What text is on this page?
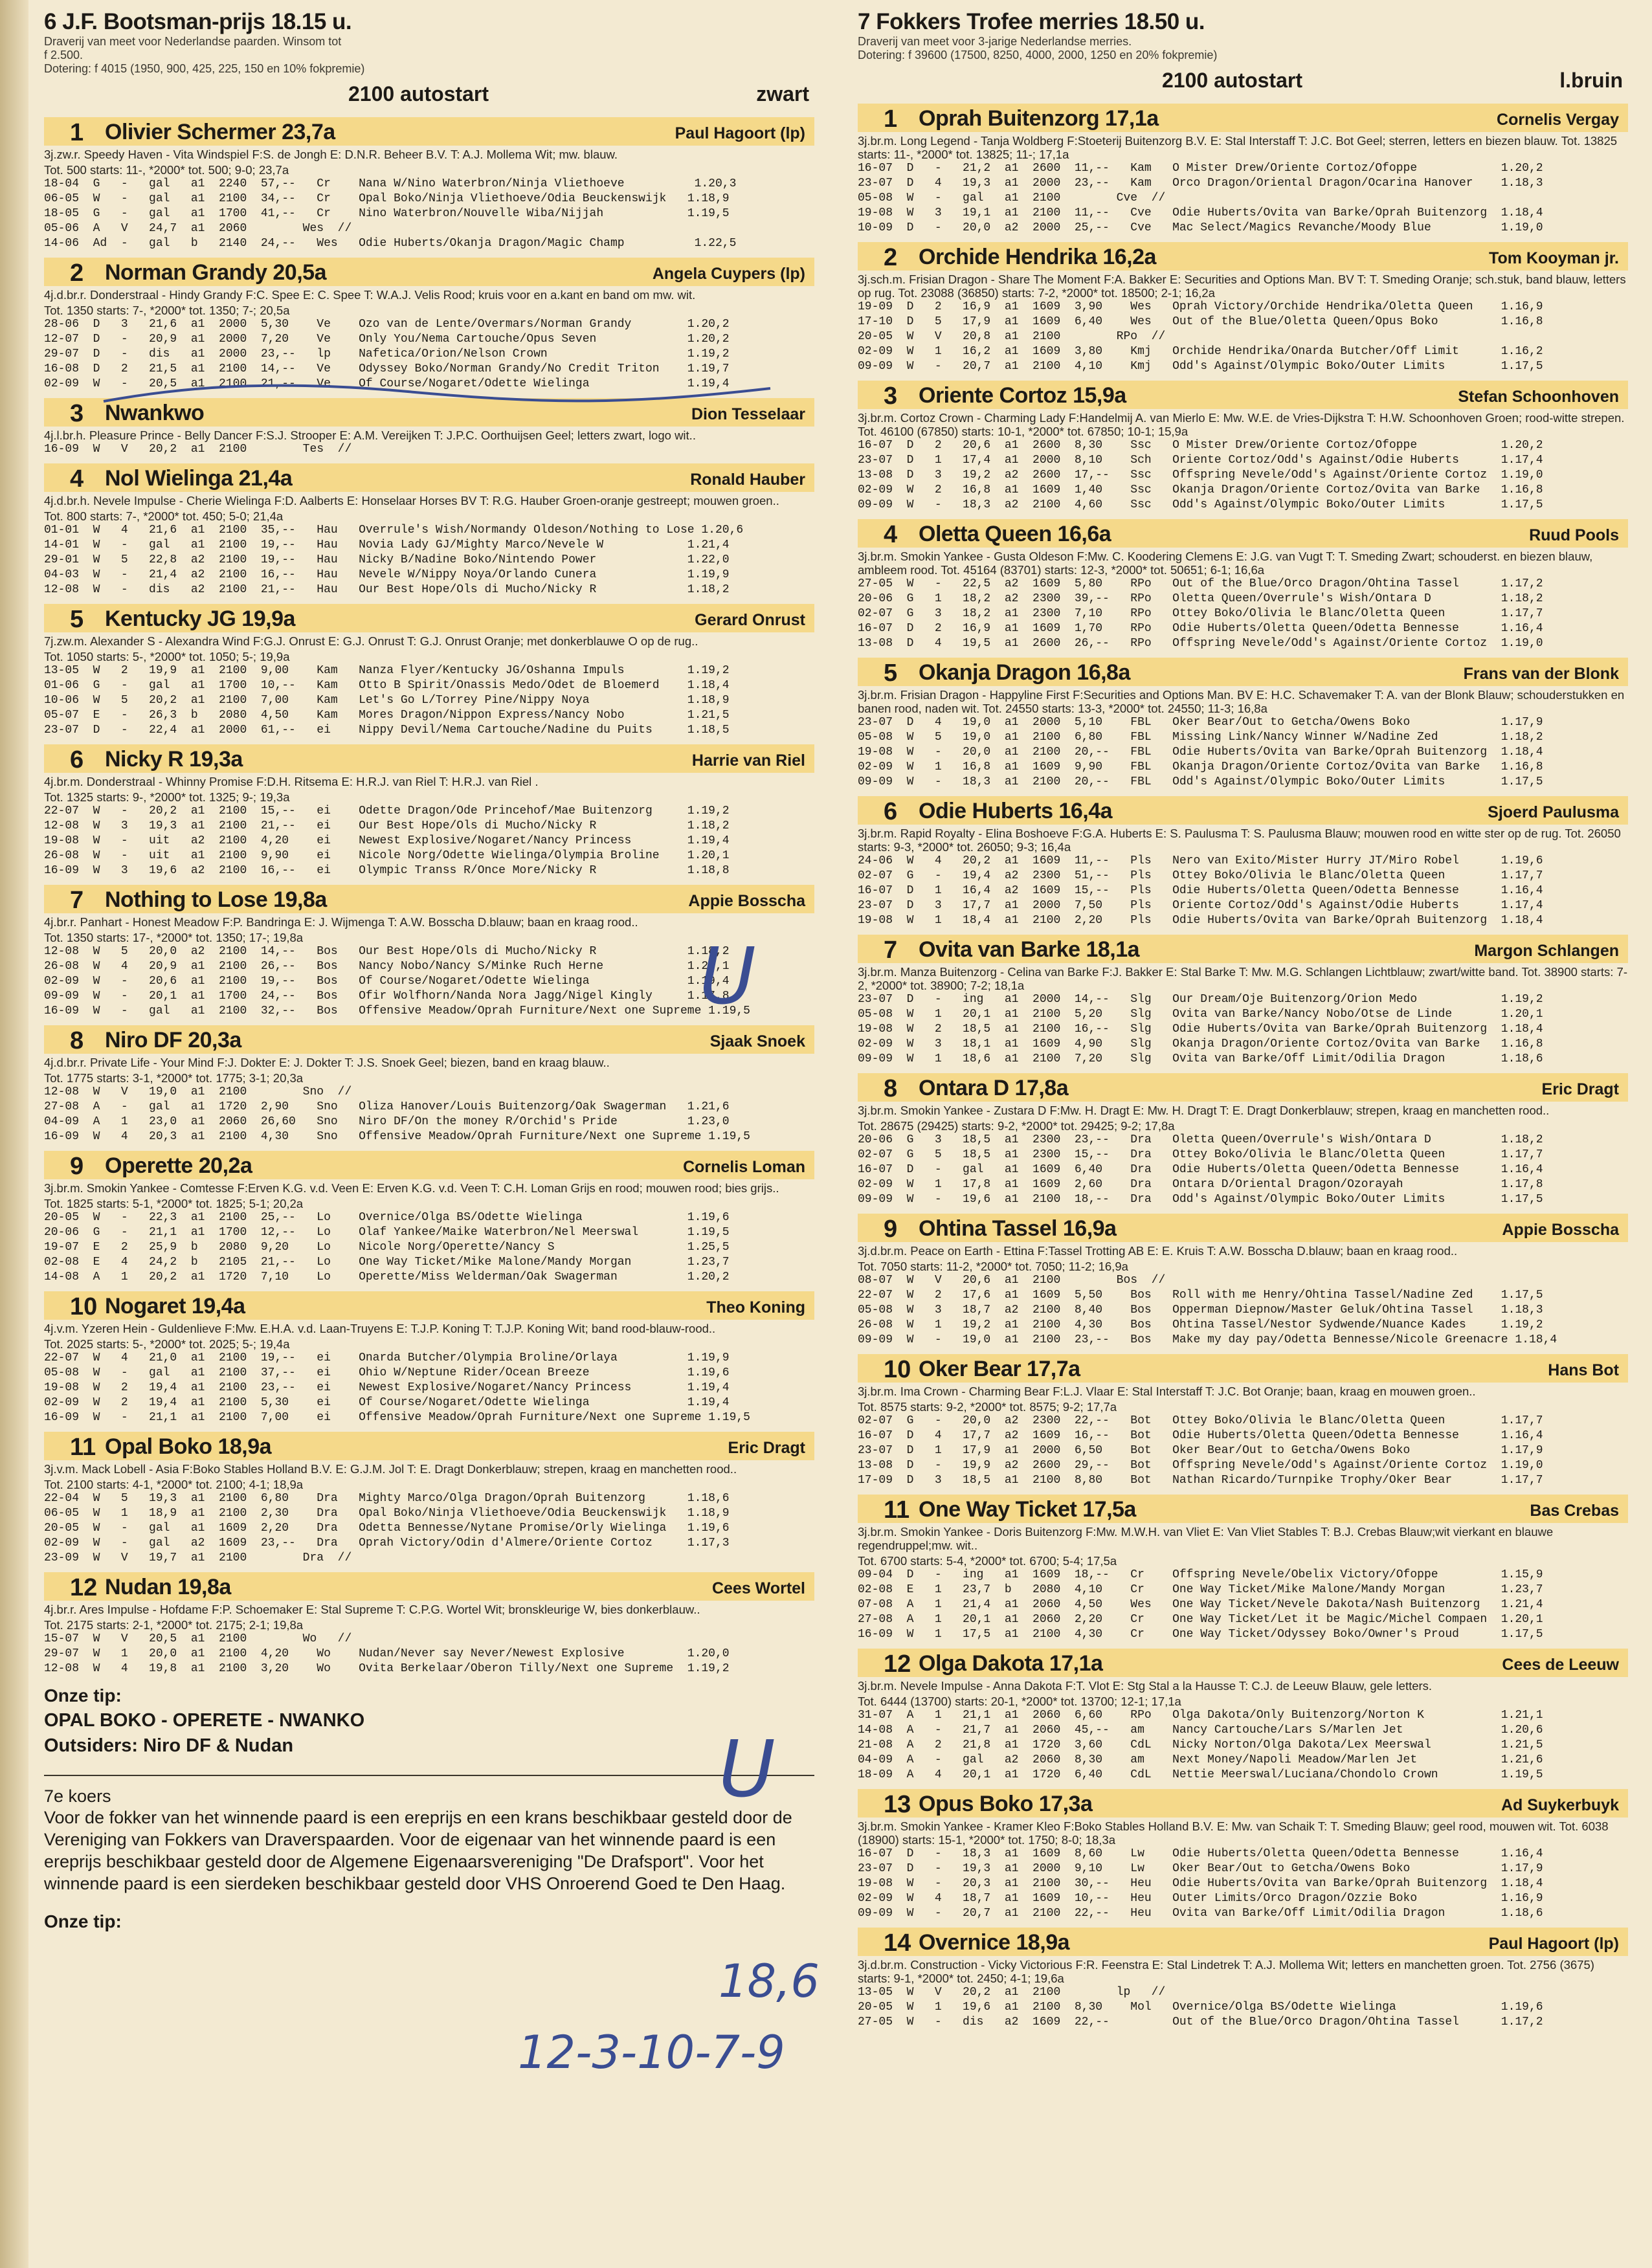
6 J.F. Bootsman-prijs 18.15 u.
Draverij van meet voor Nederlandse paarden. Winsom tot
f 2.500.
Dotering: f 4015 (1950, 900, 425, 225, 150 en 10% fokpremie)
2100 autostart	zwart
1 Olivier Schermer 23,7a	Paul Hagoort (lp)
3j.zw.r. Speedy Haven - Vita Windspiel F:S. de Jongh E: D.N.R. Beheer B.V. T: A.J. Mollema Wit; mw. blauw.
Tot. 500 starts: 11-, *2000* tot. 500; 9-0; 23,7a
18-04  G   -   gal   a1  2240  57,--   Cr    Nana W/Nino Waterbron/Ninja Vliethoeve          1.20,3
06-05  W   -   gal   a1  2100  34,--   Cr    Opal Boko/Ninja Vliethoeve/Odia Beuckenswijk   1.18,9
18-05  G   -   gal   a1  1700  41,--   Cr    Nino Waterbron/Nouvelle Wiba/Nijjah            1.19,5
05-06  A   V   24,7  a1  2060        Wes  //
14-06  Ad  -   gal   b   2140  24,--   Wes   Odie Huberts/Okanja Dragon/Magic Champ          1.22,5
2 Norman Grandy 20,5a	Angela Cuypers (lp)
4j.d.br.r. Donderstraal - Hindy Grandy F:C. Spee E: C. Spee T: W.A.J. Velis Rood; kruis voor en a.kant en band om mw. wit.
Tot. 1350 starts: 7-, *2000* tot. 1350; 7-; 20,5a
28-06  D   3   21,6  a1  2000  5,30    Ve    Ozo van de Lente/Overmars/Norman Grandy        1.20,2
12-07  D   -   20,9  a1  2000  7,20    Ve    Only You/Nema Cartouche/Opus Seven             1.20,2
29-07  D   -   dis   a1  2000  23,--   lp    Nafetica/Orion/Nelson Crown                    1.19,2
16-08  D   2   21,5  a1  2100  14,--   Ve    Odyssey Boko/Norman Grandy/No Credit Triton    1.19,7
02-09  W   -   20,5  a1  2100  21,--   Ve    Of Course/Nogaret/Odette Wielinga              1.19,4
3 Nwankwo	Dion Tesselaar
4j.l.br.h. Pleasure Prince - Belly Dancer F:S.J. Strooper E: A.M. Vereijken T: J.P.C. Oorthuijsen Geel; letters zwart, logo wit..
16-09  W   V   20,2  a1  2100        Tes  //
4 Nol Wielinga 21,4a	Ronald Hauber
4j.d.br.h. Nevele Impulse - Cherie Wielinga F:D. Aalberts E: Honselaar Horses BV T: R.G. Hauber Groen-oranje gestreept; mouwen groen..
Tot. 800 starts: 7-, *2000* tot. 450; 5-0; 21,4a
01-01  W   4   21,6  a1  2100  35,--   Hau   Overrule's Wish/Normandy Oldeson/Nothing to Lose 1.20,6
14-01  W   -   gal   a1  2100  19,--   Hau   Novia Lady GJ/Mighty Marco/Nevele W            1.21,4
29-01  W   5   22,8  a2  2100  19,--   Hau   Nicky B/Nadine Boko/Nintendo Power             1.22,0
04-03  W   -   21,4  a2  2100  16,--   Hau   Nevele W/Nippy Noya/Orlando Cunera             1.19,9
12-08  W   -   dis   a2  2100  21,--   Hau   Our Best Hope/Ols di Mucho/Nicky R             1.18,2
5 Kentucky JG 19,9a	Gerard Onrust
7j.zw.m. Alexander S - Alexandra Wind F:G.J. Onrust E: G.J. Onrust T: G.J. Onrust Oranje; met donkerblauwe O op de rug..
Tot. 1050 starts: 5-, *2000* tot. 1050; 5-; 19,9a
13-05  W   2   19,9  a1  2100  9,00    Kam   Nanza Flyer/Kentucky JG/Oshanna Impuls         1.19,2
01-06  G   -   gal   a1  1700  10,--   Kam   Otto B Spirit/Onassis Medo/Odet de Bloemerd    1.18,4
10-06  W   5   20,2  a1  2100  7,00    Kam   Let's Go L/Torrey Pine/Nippy Noya              1.18,9
05-07  E   -   26,3  b   2080  4,50    Kam   Mores Dragon/Nippon Express/Nancy Nobo         1.21,5
23-07  D   -   22,4  a1  2000  61,--   ei    Nippy Devil/Nema Cartouche/Nadine du Puits     1.18,5
6 Nicky R 19,3a	Harrie van Riel
4j.br.m. Donderstraal - Whinny Promise F:D.H. Ritsema E: H.R.J. van Riel T: H.R.J. van Riel .
Tot. 1325 starts: 9-, *2000* tot. 1325; 9-; 19,3a
22-07  W   -   20,2  a1  2100  15,--   ei    Odette Dragon/Ode Princehof/Mae Buitenzorg     1.19,2
12-08  W   3   19,3  a1  2100  21,--   ei    Our Best Hope/Ols di Mucho/Nicky R             1.18,2
19-08  W   -   uit   a2  2100  4,20    ei    Newest Explosive/Nogaret/Nancy Princess        1.19,4
26-08  W   -   uit   a1  2100  9,90    ei    Nicole Norg/Odette Wielinga/Olympia Broline    1.20,1
16-09  W   3   19,6  a2  2100  16,--   ei    Olympic Transs R/Once More/Nicky R             1.18,8
7 Nothing to Lose 19,8a	Appie Bosscha
4j.br.r. Panhart - Honest Meadow F:P. Bandringa E: J. Wijmenga T: A.W. Bosscha D.blauw; baan en kraag rood..
Tot. 1350 starts: 17-, *2000* tot. 1350; 17-; 19,8a
12-08  W   5   20,0  a2  2100  14,--   Bos   Our Best Hope/Ols di Mucho/Nicky R             1.18,2
26-08  W   4   20,9  a1  2100  26,--   Bos   Nancy Nobo/Nancy S/Minke Ruch Herne            1.20,1
02-09  W   -   20,6  a1  2100  19,--   Bos   Of Course/Nogaret/Odette Wielinga              1.19,4
09-09  W   -   20,1  a1  1700  24,--   Bos   Ofir Wolfhorn/Nanda Nora Jagg/Nigel Kingly     1.17,8
16-09  W   -   gal   a1  2100  32,--   Bos   Offensive Meadow/Oprah Furniture/Next one Supreme 1.19,5
8 Niro DF 20,3a	Sjaak Snoek
4j.d.br.r. Private Life - Your Mind F:J. Dokter E: J. Dokter T: J.S. Snoek Geel; biezen, band en kraag blauw..
Tot. 1775 starts: 3-1, *2000* tot. 1775; 3-1; 20,3a
12-08  W   V   19,0  a1  2100        Sno  //
27-08  A   -   gal   a1  1720  2,90    Sno   Oliza Hanover/Louis Buitenzorg/Oak Swagerman   1.21,6
04-09  A   1   23,0  a1  2060  26,60   Sno   Niro DF/On the money R/Orchid's Pride          1.23,0
16-09  W   4   20,3  a1  2100  4,30    Sno   Offensive Meadow/Oprah Furniture/Next one Supreme 1.19,5
9 Operette 20,2a	Cornelis Loman
3j.br.m. Smokin Yankee - Comtesse F:Erven K.G. v.d. Veen E: Erven K.G. v.d. Veen T: C.H. Loman Grijs en rood; mouwen rood; bies grijs..
Tot. 1825 starts: 5-1, *2000* tot. 1825; 5-1; 20,2a
20-05  W   -   22,3  a1  2100  25,--   Lo    Overnice/Olga BS/Odette Wielinga               1.19,6
20-06  G   -   21,1  a1  1700  12,--   Lo    Olaf Yankee/Maike Waterbron/Nel Meerswal       1.19,5
19-07  E   2   25,9  b   2080  9,20    Lo    Nicole Norg/Operette/Nancy S                   1.25,5
02-08  E   4   24,2  b   2105  21,--   Lo    One Way Ticket/Mike Malone/Mandy Morgan        1.23,7
14-08  A   1   20,2  a1  1720  7,10    Lo    Operette/Miss Welderman/Oak Swagerman          1.20,2
10 Nogaret 19,4a	Theo Koning
4j.v.m. Yzeren Hein - Guldenlieve F:Mw. E.H.A. v.d. Laan-Truyens E: T.J.P. Koning T: T.J.P. Koning Wit; band rood-blauw-rood..
Tot. 2025 starts: 5-, *2000* tot. 2025; 5-; 19,4a
22-07  W   4   21,0  a1  2100  19,--   ei    Onarda Butcher/Olympia Broline/Orlaya          1.19,9
05-08  W   -   gal   a1  2100  37,--   ei    Ohio W/Neptune Rider/Ocean Breeze              1.19,6
19-08  W   2   19,4  a1  2100  23,--   ei    Newest Explosive/Nogaret/Nancy Princess        1.19,4
02-09  W   2   19,4  a1  2100  5,30    ei    Of Course/Nogaret/Odette Wielinga              1.19,4
16-09  W   -   21,1  a1  2100  7,00    ei    Offensive Meadow/Oprah Furniture/Next one Supreme 1.19,5
11 Opal Boko 18,9a	Eric Dragt
3j.v.m. Mack Lobell - Asia F:Boko Stables Holland B.V. E: G.J.M. Jol T: E. Dragt Donkerblauw; strepen, kraag en manchetten rood..
Tot. 2100 starts: 4-1, *2000* tot. 2100; 4-1; 18,9a
22-04  W   5   19,3  a1  2100  6,80    Dra   Mighty Marco/Olga Dragon/Oprah Buitenzorg      1.18,6
06-05  W   1   18,9  a1  2100  2,30    Dra   Opal Boko/Ninja Vliethoeve/Odia Beuckenswijk   1.18,9
20-05  W   -   gal   a1  1609  2,20    Dra   Odetta Bennesse/Nytane Promise/Orly Wielinga   1.19,6
02-09  W   -   gal   a2  1609  23,--   Dra   Oprah Victory/Odin d'Almere/Oriente Cortoz     1.17,3
23-09  W   V   19,7  a1  2100        Dra  //
12 Nudan 19,8a	Cees Wortel
4j.br.r. Ares Impulse - Hofdame F:P. Schoemaker E: Stal Supreme T: C.P.G. Wortel Wit; bronskleurige W, bies donkerblauw..
Tot. 2175 starts: 2-1, *2000* tot. 2175; 2-1; 19,8a
15-07  W   V   20,5  a1  2100        Wo   //
29-07  W   1   20,0  a1  2100  4,20    Wo    Nudan/Never say Never/Newest Explosive         1.20,0
12-08  W   4   19,8  a1  2100  3,20    Wo    Ovita Berkelaar/Oberon Tilly/Next one Supreme  1.19,2
Onze tip:
OPAL BOKO - OPERETE - NWANKO
Outsiders: Niro DF & Nudan
7e koers
Voor de fokker van het winnende paard is een ereprijs en een krans beschikbaar gesteld door de Vereniging van Fokkers van Draverspaarden. Voor de eigenaar van het winnende paard is een ereprijs beschikbaar gesteld door de Algemene Eigenaarsvereniging "De Drafsport". Voor het winnende paard is een sierdeken beschikbaar gesteld door VHS Onroerend Goed te Den Haag.
Onze tip:
7 Fokkers Trofee merries 18.50 u.
Draverij van meet voor 3-jarige Nederlandse merries.
Dotering: f 39600 (17500, 8250, 4000, 2000, 1250 en 20% fokpremie)
2100 autostart	l.bruin
1 Oprah Buitenzorg 17,1a	Cornelis Vergay
3j.br.m. Long Legend - Tanja Woldberg F:Stoeterij Buitenzorg B.V. E: Stal Interstaff T: J.C. Bot Geel; sterren, letters en biezen blauw. Tot. 13825 starts: 11-, *2000* tot. 13825; 11-; 17,1a
16-07  D   -   21,2  a1  2600  11,--   Kam   O Mister Drew/Oriente Cortoz/Ofoppe            1.20,2
23-07  D   4   19,3  a1  2000  23,--   Kam   Orco Dragon/Oriental Dragon/Ocarina Hanover    1.18,3
05-08  W   -   gal   a1  2100        Cve  //
19-08  W   3   19,1  a1  2100  11,--   Cve   Odie Huberts/Ovita van Barke/Oprah Buitenzorg  1.18,4
10-09  D   -   20,0  a2  2000  25,--   Cve   Mac Select/Magics Revanche/Moody Blue          1.19,0
2 Orchide Hendrika 16,2a	Tom Kooyman jr.
3j.sch.m. Frisian Dragon - Share The Moment F:A. Bakker E: Securities and Options Man. BV T: T. Smeding Oranje; sch.stuk, band blauw, letters op rug. Tot. 23088 (36850) starts: 7-2, *2000* tot. 18500; 2-1; 16,2a
19-09  D   2   16,9  a1  1609  3,90    Wes   Oprah Victory/Orchide Hendrika/Oletta Queen    1.16,9
17-10  D   5   17,9  a1  1609  6,40    Wes   Out of the Blue/Oletta Queen/Opus Boko         1.16,8
20-05  W   V   20,8  a1  2100        RPo  //
02-09  W   1   16,2  a1  1609  3,80    Kmj   Orchide Hendrika/Onarda Butcher/Off Limit      1.16,2
09-09  W   -   20,7  a1  2100  4,10    Kmj   Odd's Against/Olympic Boko/Outer Limits        1.17,5
3 Oriente Cortoz 15,9a	Stefan Schoonhoven
3j.br.m. Cortoz Crown - Charming Lady F:Handelmij A. van Mierlo E: Mw. W.E. de Vries-Dijkstra T: H.W. Schoonhoven Groen; rood-witte strepen. Tot. 46100 (67850) starts: 10-1, *2000* tot. 67850; 10-1; 15,9a
16-07  D   2   20,6  a1  2600  8,30    Ssc   O Mister Drew/Oriente Cortoz/Ofoppe            1.20,2
23-07  D   1   17,4  a1  2000  8,10    Sch   Oriente Cortoz/Odd's Against/Odie Huberts      1.17,4
13-08  D   3   19,2  a2  2600  17,--   Ssc   Offspring Nevele/Odd's Against/Oriente Cortoz  1.19,0
02-09  W   2   16,8  a1  1609  1,40    Ssc   Okanja Dragon/Oriente Cortoz/Ovita van Barke   1.16,8
09-09  W   -   18,3  a2  2100  4,60    Ssc   Odd's Against/Olympic Boko/Outer Limits        1.17,5
4 Oletta Queen 16,6a	Ruud Pools
3j.br.m. Smokin Yankee - Gusta Oldeson F:Mw. C. Koodering Clemens E: J.G. van Vugt T: T. Smeding Zwart; schouderst. en biezen blauw, ambleem rood. Tot. 45164 (83701) starts: 12-3, *2000* tot. 50651; 6-1; 16,6a
27-05  W   -   22,5  a2  1609  5,80    RPo   Out of the Blue/Orco Dragon/Ohtina Tassel      1.17,2
20-06  G   1   18,2  a2  2300  39,--   RPo   Oletta Queen/Overrule's Wish/Ontara D          1.18,2
02-07  G   3   18,2  a1  2300  7,10    RPo   Ottey Boko/Olivia le Blanc/Oletta Queen        1.17,7
16-07  D   2   16,9  a1  1609  1,70    RPo   Odie Huberts/Oletta Queen/Odetta Bennesse      1.16,4
13-08  D   4   19,5  a1  2600  26,--   RPo   Offspring Nevele/Odd's Against/Oriente Cortoz  1.19,0
5 Okanja Dragon 16,8a	Frans van der Blonk
3j.br.m. Frisian Dragon - Happyline First F:Securities and Options Man. BV E: H.C. Schavemaker T: A. van der Blonk Blauw; schouderstukken en banen rood, naden wit. Tot. 24550 starts: 13-3, *2000* tot. 24550; 11-3; 16,8a
23-07  D   4   19,0  a1  2000  5,10    FBL   Oker Bear/Out to Getcha/Owens Boko             1.17,9
05-08  W   5   19,0  a1  2100  6,80    FBL   Missing Link/Nancy Winner W/Nadine Zed         1.18,2
19-08  W   -   20,0  a1  2100  20,--   FBL   Odie Huberts/Ovita van Barke/Oprah Buitenzorg  1.18,4
02-09  W   1   16,8  a1  1609  9,90    FBL   Okanja Dragon/Oriente Cortoz/Ovita van Barke   1.16,8
09-09  W   -   18,3  a1  2100  20,--   FBL   Odd's Against/Olympic Boko/Outer Limits        1.17,5
6 Odie Huberts 16,4a	Sjoerd Paulusma
3j.br.m. Rapid Royalty - Elina Boshoeve F:G.A. Huberts E: S. Paulusma T: S. Paulusma Blauw; mouwen rood en witte ster op de rug. Tot. 26050 starts: 9-3, *2000* tot. 26050; 9-3; 16,4a
24-06  W   4   20,2  a1  1609  11,--   Pls   Nero van Exito/Mister Hurry JT/Miro Robel      1.19,6
02-07  G   -   19,4  a2  2300  51,--   Pls   Ottey Boko/Olivia le Blanc/Oletta Queen        1.17,7
16-07  D   1   16,4  a2  1609  15,--   Pls   Odie Huberts/Oletta Queen/Odetta Bennesse      1.16,4
23-07  D   3   17,7  a1  2000  7,50    Pls   Oriente Cortoz/Odd's Against/Odie Huberts      1.17,4
19-08  W   1   18,4  a1  2100  2,20    Pls   Odie Huberts/Ovita van Barke/Oprah Buitenzorg  1.18,4
7 Ovita van Barke 18,1a	Margon Schlangen
3j.br.m. Manza Buitenzorg - Celina van Barke F:J. Bakker E: Stal Barke T: Mw. M.G. Schlangen Lichtblauw; zwart/witte band. Tot. 38900 starts: 7-2, *2000* tot. 38900; 7-2; 18,1a
23-07  D   -   ing   a1  2000  14,--   Slg   Our Dream/Oje Buitenzorg/Orion Medo            1.19,2
05-08  W   1   20,1  a1  2100  5,20    Slg   Ovita van Barke/Nancy Nobo/Otse de Linde       1.20,1
19-08  W   2   18,5  a1  2100  16,--   Slg   Odie Huberts/Ovita van Barke/Oprah Buitenzorg  1.18,4
02-09  W   3   18,1  a1  1609  4,90    Slg   Okanja Dragon/Oriente Cortoz/Ovita van Barke   1.16,8
09-09  W   1   18,6  a1  2100  7,20    Slg   Ovita van Barke/Off Limit/Odilia Dragon        1.18,6
8 Ontara D 17,8a	Eric Dragt
3j.br.m. Smokin Yankee - Zustara D F:Mw. H. Dragt E: Mw. H. Dragt T: E. Dragt Donkerblauw; strepen, kraag en manchetten rood..
Tot. 28675 (29425) starts: 9-2, *2000* tot. 29425; 9-2; 17,8a
20-06  G   3   18,5  a1  2300  23,--   Dra   Oletta Queen/Overrule's Wish/Ontara D          1.18,2
02-07  G   5   18,5  a1  2300  15,--   Dra   Ottey Boko/Olivia le Blanc/Oletta Queen        1.17,7
16-07  D   -   gal   a1  1609  6,40    Dra   Odie Huberts/Oletta Queen/Odetta Bennesse      1.16,4
02-09  W   1   17,8  a1  1609  2,60    Dra   Ontara D/Oriental Dragon/Ozorayah              1.17,8
09-09  W   -   19,6  a1  2100  18,--   Dra   Odd's Against/Olympic Boko/Outer Limits        1.17,5
9 Ohtina Tassel 16,9a	Appie Bosscha
3j.d.br.m. Peace on Earth - Ettina F:Tassel Trotting AB E: E. Kruis T: A.W. Bosscha D.blauw; baan en kraag rood..
Tot. 7050 starts: 11-2, *2000* tot. 7050; 11-2; 16,9a
08-07  W   V   20,6  a1  2100        Bos  //
22-07  W   2   17,6  a1  1609  5,50    Bos   Roll with me Henry/Ohtina Tassel/Nadine Zed    1.17,5
05-08  W   3   18,7  a2  2100  8,40    Bos   Opperman Diepnow/Master Geluk/Ohtina Tassel    1.18,3
26-08  W   1   19,2  a1  2100  4,30    Bos   Ohtina Tassel/Nestor Sydwende/Nuance Kades     1.19,2
09-09  W   -   19,0  a1  2100  23,--   Bos   Make my day pay/Odetta Bennesse/Nicole Greenacre 1.18,4
10 Oker Bear 17,7a	Hans Bot
3j.br.m. Ima Crown - Charming Bear F:L.J. Vlaar E: Stal Interstaff T: J.C. Bot Oranje; baan, kraag en mouwen groen..
Tot. 8575 starts: 9-2, *2000* tot. 8575; 9-2; 17,7a
02-07  G   -   20,0  a2  2300  22,--   Bot   Ottey Boko/Olivia le Blanc/Oletta Queen        1.17,7
16-07  D   4   17,7  a2  1609  16,--   Bot   Odie Huberts/Oletta Queen/Odetta Bennesse      1.16,4
23-07  D   1   17,9  a1  2000  6,50    Bot   Oker Bear/Out to Getcha/Owens Boko             1.17,9
13-08  D   -   19,9  a2  2600  29,--   Bot   Offspring Nevele/Odd's Against/Oriente Cortoz  1.19,0
17-09  D   3   18,5  a1  2100  8,80    Bot   Nathan Ricardo/Turnpike Trophy/Oker Bear       1.17,7
11 One Way Ticket 17,5a	Bas Crebas
3j.br.m. Smokin Yankee - Doris Buitenzorg F:Mw. M.W.H. van Vliet E: Van Vliet Stables T: B.J. Crebas Blauw;wit vierkant en blauwe regendruppel;mw. wit..
Tot. 6700 starts: 5-4, *2000* tot. 6700; 5-4; 17,5a
09-04  D   -   ing   a1  1609  18,--   Cr    Offspring Nevele/Obelix Victory/Ofoppe         1.15,9
02-08  E   1   23,7  b   2080  4,10    Cr    One Way Ticket/Mike Malone/Mandy Morgan        1.23,7
07-08  A   1   21,4  a1  2060  4,50    Wes   One Way Ticket/Nevele Dakota/Nash Buitenzorg   1.21,4
27-08  A   1   20,1  a1  2060  2,20    Cr    One Way Ticket/Let it be Magic/Michel Compaen  1.20,1
16-09  W   1   17,5  a1  2100  4,30    Cr    One Way Ticket/Odyssey Boko/Owner's Proud      1.17,5
12 Olga Dakota 17,1a	Cees de Leeuw
3j.br.m. Nevele Impulse - Anna Dakota F:T. Vlot E: Stg Stal a la Hausse T: C.J. de Leeuw Blauw, gele letters.
Tot. 6444 (13700) starts: 20-1, *2000* tot. 13700; 12-1; 17,1a
31-07  A   1   21,1  a1  2060  6,60    RPo   Olga Dakota/Only Buitenzorg/Norton K           1.21,1
14-08  A   -   21,7  a1  2060  45,--   am    Nancy Cartouche/Lars S/Marlen Jet              1.20,6
21-08  A   2   21,8  a1  1720  3,60    CdL   Nicky Norton/Olga Dakota/Lex Meerswal          1.21,5
04-09  A   -   gal   a2  2060  8,30    am    Next Money/Napoli Meadow/Marlen Jet            1.21,6
18-09  A   4   20,1  a1  1720  6,40    CdL   Nettie Meerswal/Luciana/Chondolo Crown         1.19,5
13 Opus Boko 17,3a	Ad Suykerbuyk
3j.br.m. Smokin Yankee - Kramer Kleo F:Boko Stables Holland B.V. E: Mw. van Schaik T: T. Smeding Blauw; geel rood, mouwen wit. Tot. 6038 (18900) starts: 15-1, *2000* tot. 1750; 8-0; 18,3a
16-07  D   -   18,3  a1  1609  8,60    Lw    Odie Huberts/Oletta Queen/Odetta Bennesse      1.16,4
23-07  D   -   19,3  a1  2000  9,10    Lw    Oker Bear/Out to Getcha/Owens Boko             1.17,9
19-08  W   -   20,3  a1  2100  30,--   Heu   Odie Huberts/Ovita van Barke/Oprah Buitenzorg  1.18,4
02-09  W   4   18,7  a1  1609  10,--   Heu   Outer Limits/Orco Dragon/Ozzie Boko            1.16,9
09-09  W   -   20,7  a1  2100  22,--   Heu   Ovita van Barke/Off Limit/Odilia Dragon        1.18,6
14 Overnice 18,9a	Paul Hagoort (lp)
3j.d.br.m. Construction - Vicky Victorious F:R. Feenstra E: Stal Lindetrek T: A.J. Mollema Wit; letters en manchetten groen. Tot. 2756 (3675) starts: 9-1, *2000* tot. 2450; 4-1; 19,6a
13-05  W   V   20,2  a1  2100        lp   //
20-05  W   1   19,6  a1  2100  8,30    Mol   Overnice/Olga BS/Odette Wielinga               1.19,6
27-05  W   -   dis   a2  1609  22,--         Out of the Blue/Orco Dragon/Ohtina Tassel      1.17,2
U
U
18,6
12-3-10-7-9
